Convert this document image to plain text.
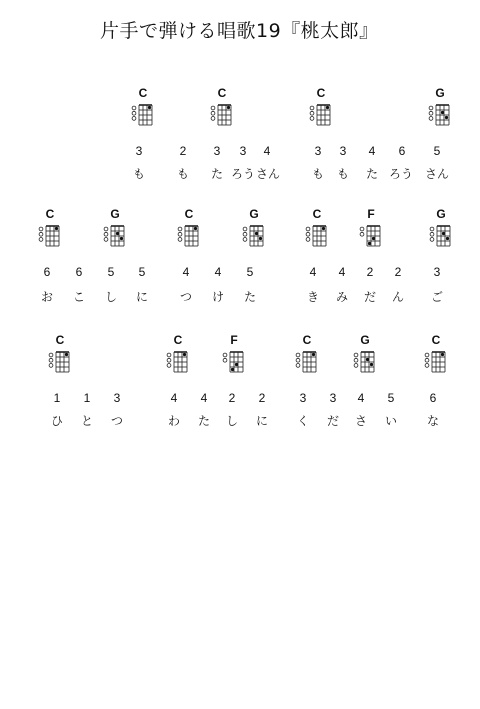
片手で弾ける唱歌19『桃太郎』
C	C	C	G
3	2	3	3	4	3	3	4	6	5
も	も	た ろう さん	も	も	た ろう さん
C	G	C	G	C	F	G
6	6	5	5	4	4	5	4	4	2	2	3
お	こ	し	に	つ	け	た	き	み	だ	ん	ご
C	C	F	C	G	C
1	1	3	4	4	2	2	3	3	4	5	6
ひ	と	つ	わ	た	し	に	く	だ	さ	い	な
